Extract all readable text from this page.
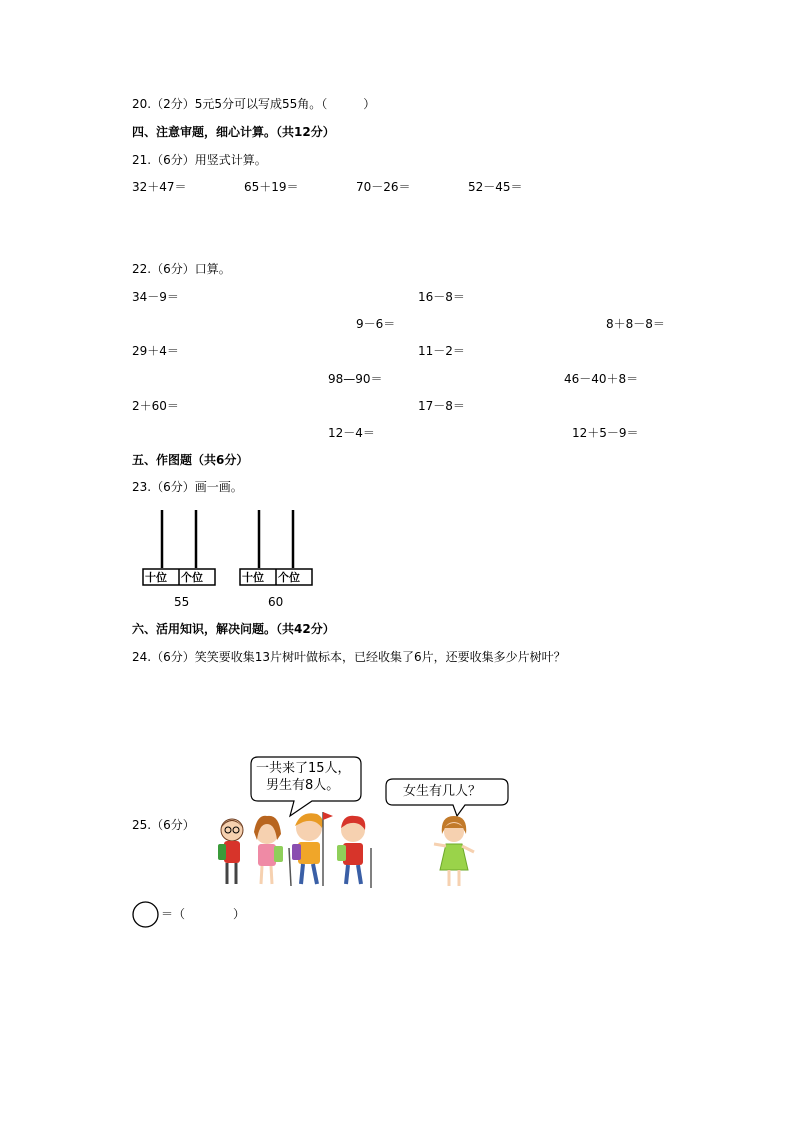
20.（2分）5元5分可以写成55角。（　　　）
四、注意审题，细心计算。（共12分）
21.（6分）用竖式计算。
32＋47＝	65＋19＝	70－26＝	52－45＝
22.（6分）口算。
34－9＝	16－8＝
9－6＝	8＋8－8＝
29＋4＝	11－2＝
98—90＝	46－40＋8＝
2＋60＝	17－8＝
12－4＝	12＋5－9＝
五、作图题（共6分）
23.（6分）画一画。
十位 个位
55
十位 个位
60
六、活用知识，解决问题。（共42分）
24.（6分）笑笑要收集13片树叶做标本，已经收集了6片，还要收集多少片树叶？
一共来了15人，
男生有8人。	女生有几人？
25.（6分）
＝（　　　　）
